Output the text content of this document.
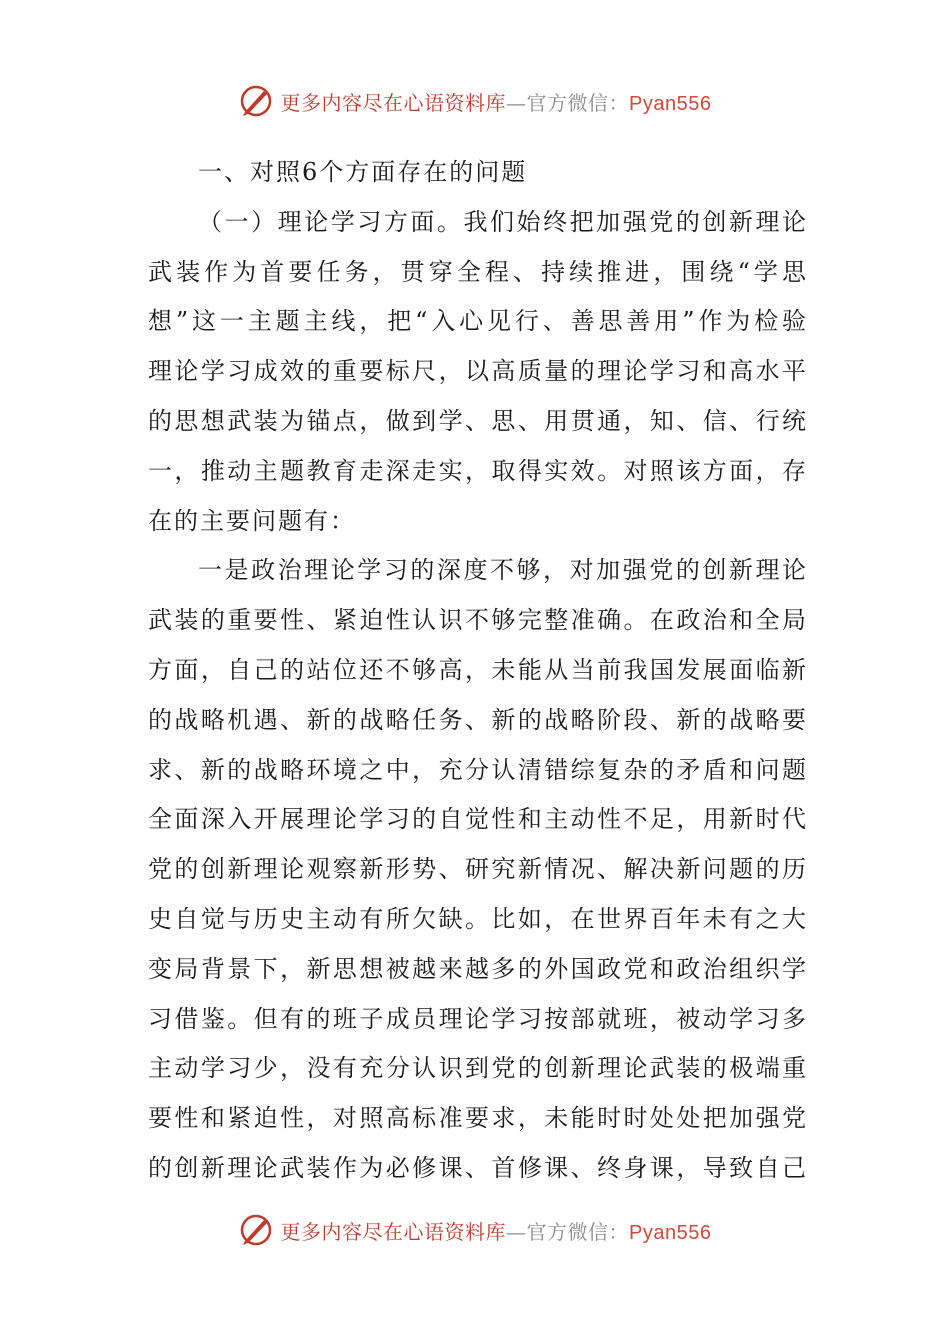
更多内容尽在心语资料库—官方微信：Pyan556
一、对照6个方面存在的问题
（一）理论学习方面。我们始终把加强党的创新理论
武装作为首要任务，贯穿全程、持续推进，围绕“学思
想”这一主题主线，把“入心见行、善思善用”作为检验
理论学习成效的重要标尺，以高质量的理论学习和高水平
的思想武装为锚点，做到学、思、用贯通，知、信、行统
一，推动主题教育走深走实，取得实效。对照该方面，存
在的主要问题有：
一是政治理论学习的深度不够，对加强党的创新理论
武装的重要性、紧迫性认识不够完整准确。在政治和全局
方面，自己的站位还不够高，未能从当前我国发展面临新
的战略机遇、新的战略任务、新的战略阶段、新的战略要
求、新的战略环境之中，充分认清错综复杂的矛盾和问题
全面深入开展理论学习的自觉性和主动性不足，用新时代
党的创新理论观察新形势、研究新情况、解决新问题的历
史自觉与历史主动有所欠缺。比如，在世界百年未有之大
变局背景下，新思想被越来越多的外国政党和政治组织学
习借鉴。但有的班子成员理论学习按部就班，被动学习多
主动学习少，没有充分认识到党的创新理论武装的极端重
要性和紧迫性，对照高标准要求，未能时时处处把加强党
的创新理论武装作为必修课、首修课、终身课，导致自己
更多内容尽在心语资料库—官方微信：Pyan556
